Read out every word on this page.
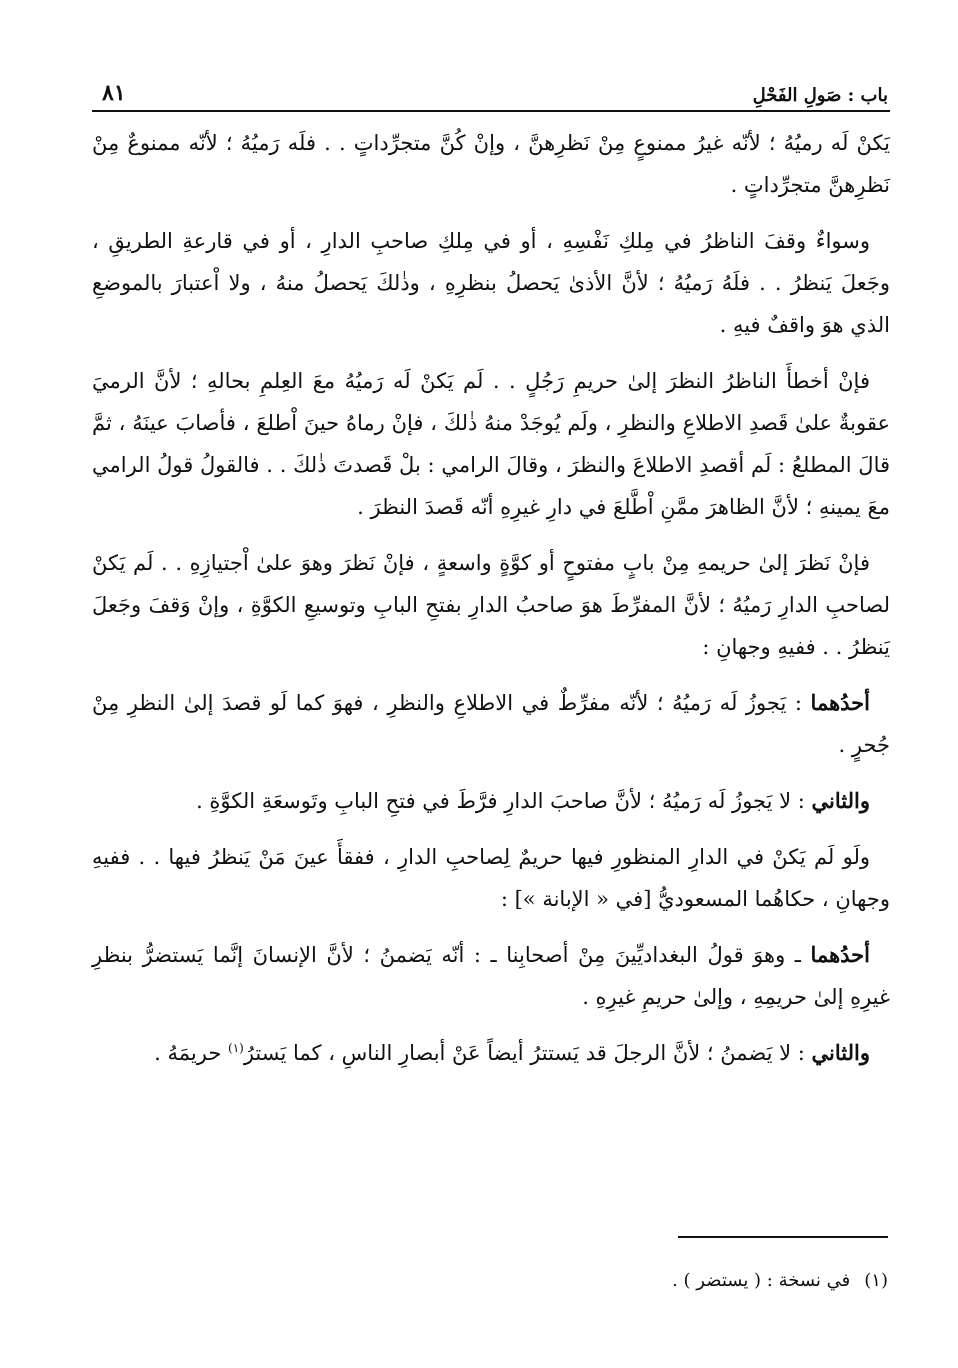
باب : صَولِ الفَحْلِ
٨١

يَكنْ لَه رميُهُ ؛ لأنّه غيرُ ممنوعٍ مِنْ نَظرِهنَّ ، وإنْ كُنَّ متجرِّداتٍ . . فلَه رَميُهُ ؛ لأنّه ممنوعٌ مِنْ نَظرِهنَّ متجرِّداتٍ .

وسواءٌ وقفَ الناظرُ في مِلكِ نَفْسِهِ ، أو في مِلكِ صاحبِ الدارِ ، أو في قارعةِ الطريقِ ، وجَعلَ يَنظرُ . . فلَهُ رَميُهُ ؛ لأنَّ الأذىٰ يَحصلُ بنظرِهِ ، وذٰلكَ يَحصلُ منهُ ، ولا اْعتبارَ بالموضعِ الذي هوَ واقفٌ فيهِ .

فإنْ أخطأَ الناظرُ النظرَ إلىٰ حريمِ رَجُلٍ . . لَم يَكنْ لَه رَميُهُ معَ العِلمِ بحالهِ ؛ لأنَّ الرميَ عقوبةٌ علىٰ قَصدِ الاطلاعِ والنظرِ ، ولَم يُوجَدْ منهُ ذٰلكَ ، فإنْ رماهُ حينَ اْطلعَ ، فأصابَ عينَهُ ، ثمَّ قالَ المطلعُ : لَم أقصدِ الاطلاعَ والنظرَ ، وقالَ الرامي : بلْ قَصدتَ ذٰلكَ . . فالقولُ قولُ الرامي معَ يمينهِ ؛ لأنَّ الظاهرَ ممَّنِ اْطَّلعَ في دارِ غيرِهِ أنّه قَصدَ النظرَ .

فإنْ نَظرَ إلىٰ حريمهِ مِنْ بابٍ مفتوحٍ أو كوَّةٍ واسعةٍ ، فإنْ نَظرَ وهوَ علىٰ اْجتيازِهِ . . لَم يَكنْ لصاحبِ الدارِ رَميُهُ ؛ لأنَّ المفرِّطَ هوَ صاحبُ الدارِ بفتحِ البابِ وتوسيعِ الكوَّةِ ، وإنْ وَقفَ وجَعلَ يَنظرُ . . ففيهِ وجهانِ :

أحدُهما : يَجوزُ لَه رَميُهُ ؛ لأنّه مفرِّطٌ في الاطلاعِ والنظرِ ، فهوَ كما لَو قصدَ إلىٰ النظرِ مِنْ جُحرٍ .

والثاني : لا يَجوزُ لَه رَميُهُ ؛ لأنَّ صاحبَ الدارِ فرَّطَ في فتحِ البابِ وتَوسعَةِ الكوَّةِ .

ولَو لَم يَكنْ في الدارِ المنظورِ فيها حريمٌ لِصاحبِ الدارِ ، ففقأَ عينَ مَنْ يَنظرُ فيها . . ففيهِ وجهانِ ، حكاهُما المسعوديُّ [في « الإبانة »] :

أحدُهما ـ وهوَ قولُ البغداديِّينَ مِنْ أصحابِنا ـ : أنّه يَضمنُ ؛ لأنَّ الإنسانَ إنَّما يَستضرُّ بنظرِ غيرِهِ إلىٰ حريمِهِ ، وإلىٰ حريمِ غيرِهِ .

والثاني : لا يَضمنُ ؛ لأنَّ الرجلَ قد يَستترُ أيضاً عَنْ أبصارِ الناسِ ، كما يَسترُ$^{(١)}$ حريمَهُ .

(١)في نسخة : ( يستضر ) .
